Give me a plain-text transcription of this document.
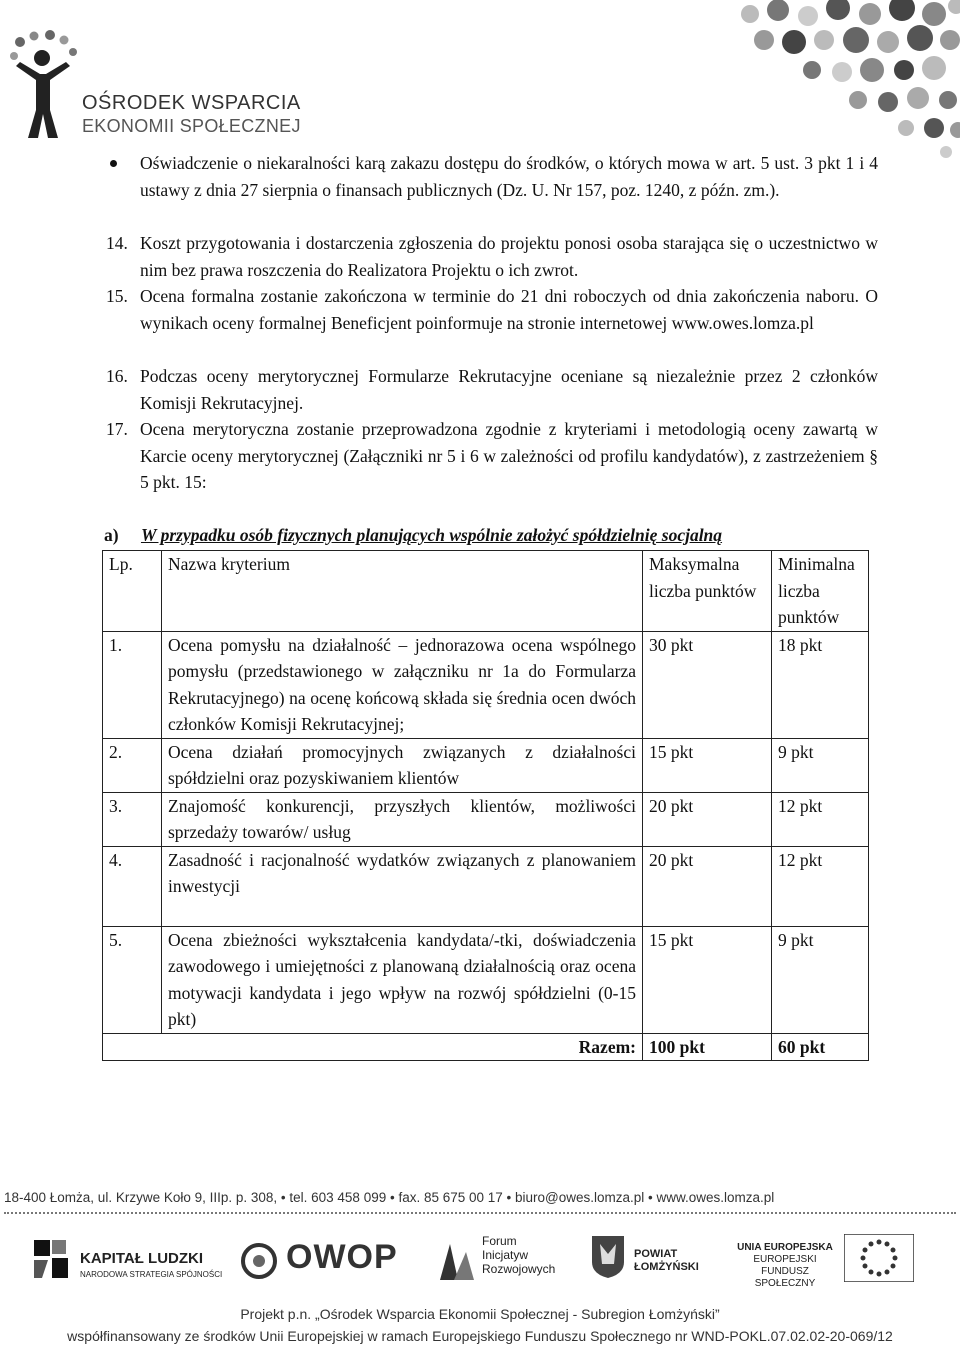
OŚRODEK WSPARCIA
EKONOMII SPOŁECZNEJ
Oświadczenie o niekaralności karą zakazu dostępu do środków, o których mowa w art. 5 ust. 3 pkt 1 i 4 ustawy z dnia 27 sierpnia o finansach publicznych (Dz. U. Nr 157, poz. 1240, z późn. zm.).
14. Koszt przygotowania i dostarczenia zgłoszenia do projektu ponosi osoba starająca się o uczestnictwo w nim bez prawa roszczenia do Realizatora Projektu o ich zwrot.
15. Ocena formalna zostanie zakończona w terminie do 21 dni roboczych od dnia zakończenia naboru. O wynikach oceny formalnej Beneficjent poinformuje na stronie internetowej www.owes.lomza.pl
16. Podczas oceny merytorycznej Formularze Rekrutacyjne oceniane są niezależnie przez 2 członków Komisji Rekrutacyjnej.
17. Ocena merytoryczna zostanie przeprowadzona zgodnie z kryteriami i metodologią oceny zawartą w Karcie oceny merytorycznej (Załączniki nr 5 i 6 w zależności od profilu kandydatów), z zastrzeżeniem § 5 pkt. 15:
a) W przypadku osób fizycznych planujących wspólnie założyć spółdzielnię socjalną
Lp.	Nazwa kryterium	Maksymalna liczba punktów	Minimalna liczba punktów
1.	Ocena pomysłu na działalność – jednorazowa ocena wspólnego pomysłu (przedstawionego w załączniku nr 1a do Formularza Rekrutacyjnego) na ocenę końcową składa się średnia ocen dwóch członków Komisji Rekrutacyjnej;	30 pkt	18 pkt
2.	Ocena działań promocyjnych związanych z działalności spółdzielni oraz pozyskiwaniem klientów	15 pkt	9 pkt
3.	Znajomość konkurencji, przyszłych klientów, możliwości sprzedaży towarów/ usług	20 pkt	12 pkt
4.	Zasadność i racjonalność wydatków związanych z planowaniem inwestycji	20 pkt	12 pkt
5.	Ocena zbieżności wykształcenia kandydata/-tki, doświadczenia zawodowego i umiejętności z planowaną działalnością oraz ocena motywacji kandydata i jego wpływ na rozwój spółdzielni (0-15 pkt)	15 pkt	9 pkt
Razem:		100 pkt	60 pkt
18-400 Łomża, ul. Krzywe Koło 9, IIIp. p. 308, • tel. 603 458 099 • fax. 85 675 00 17 • biuro@owes.lomza.pl • www.owes.lomza.pl
KAPITAŁ LUDZKI
NARODOWA STRATEGIA SPÓJNOŚCI OWOP	Forum
Inicjatyw
Rozwojowych
POWIAT
ŁOMŻYŃSKI
UNIA EUROPEJSKA
EUROPEJSKI
FUNDUSZ SPOŁECZNY
Projekt p.n. „Ośrodek Wsparcia Ekonomii Społecznej - Subregion Łomżyński”
współfinansowany ze środków Unii Europejskiej w ramach Europejskiego Funduszu Społecznego nr WND-POKL.07.02.02-20-069/12
